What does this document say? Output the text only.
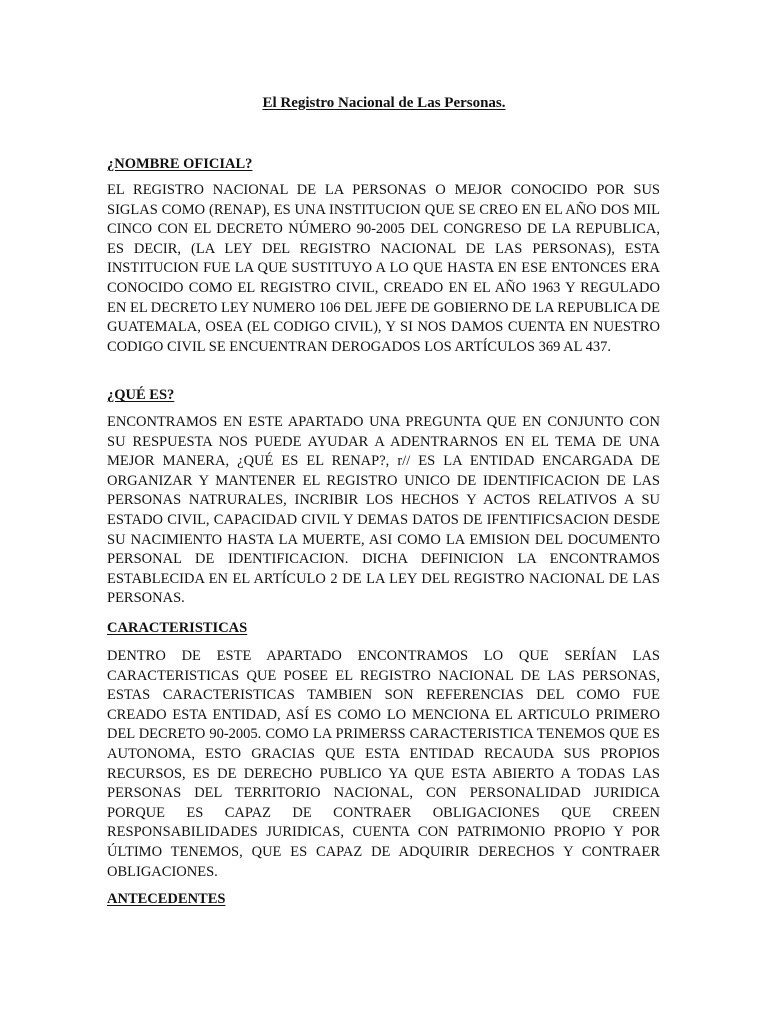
El Registro Nacional de Las Personas.
¿NOMBRE OFICIAL?
EL REGISTRO NACIONAL DE LA PERSONAS O MEJOR CONOCIDO POR SUS SIGLAS COMO (RENAP), ES UNA INSTITUCION QUE SE CREO EN EL AÑO DOS MIL CINCO CON EL DECRETO NÚMERO 90-2005 DEL CONGRESO DE LA REPUBLICA, ES DECIR, (LA LEY DEL REGISTRO NACIONAL DE LAS PERSONAS), ESTA INSTITUCION FUE LA QUE SUSTITUYO A LO QUE HASTA EN ESE ENTONCES ERA CONOCIDO COMO EL REGISTRO CIVIL, CREADO EN EL AÑO 1963 Y REGULADO EN EL DECRETO LEY NUMERO 106 DEL JEFE DE GOBIERNO DE LA REPUBLICA DE GUATEMALA, OSEA (EL CODIGO CIVIL), Y SI NOS DAMOS CUENTA EN NUESTRO CODIGO CIVIL SE ENCUENTRAN DEROGADOS LOS ARTÍCULOS 369 AL 437.
¿QUÉ ES?
ENCONTRAMOS EN ESTE APARTADO UNA PREGUNTA QUE EN CONJUNTO CON SU RESPUESTA NOS PUEDE AYUDAR A ADENTRARNOS EN EL TEMA DE UNA MEJOR MANERA, ¿QUÉ ES EL RENAP?, r// ES LA ENTIDAD ENCARGADA DE ORGANIZAR Y MANTENER EL REGISTRO UNICO DE IDENTIFICACION DE LAS PERSONAS NATRURALES, INCRIBIR LOS HECHOS Y ACTOS RELATIVOS A SU ESTADO CIVIL, CAPACIDAD CIVIL Y DEMAS DATOS DE IFENTIFICSACION DESDE SU NACIMIENTO HASTA LA MUERTE, ASI COMO LA EMISION DEL DOCUMENTO PERSONAL DE IDENTIFICACION. DICHA DEFINICION LA ENCONTRAMOS ESTABLECIDA EN EL ARTÍCULO 2 DE LA LEY DEL REGISTRO NACIONAL DE LAS PERSONAS.
CARACTERISTICAS
DENTRO DE ESTE APARTADO ENCONTRAMOS LO QUE SERÍAN LAS CARACTERISTICAS QUE POSEE EL REGISTRO NACIONAL DE LAS PERSONAS, ESTAS CARACTERISTICAS TAMBIEN SON REFERENCIAS DEL COMO FUE CREADO ESTA ENTIDAD, ASÍ ES COMO LO MENCIONA EL ARTICULO PRIMERO DEL DECRETO 90-2005. COMO LA PRIMERSS CARACTERISTICA TENEMOS QUE ES AUTONOMA, ESTO GRACIAS QUE ESTA ENTIDAD RECAUDA SUS PROPIOS RECURSOS, ES DE DERECHO PUBLICO YA QUE ESTA ABIERTO A TODAS LAS PERSONAS DEL TERRITORIO NACIONAL, CON PERSONALIDAD JURIDICA PORQUE ES CAPAZ DE CONTRAER OBLIGACIONES QUE CREEN RESPONSABILIDADES JURIDICAS, CUENTA CON PATRIMONIO PROPIO Y POR ÚLTIMO TENEMOS, QUE ES CAPAZ DE ADQUIRIR DERECHOS Y CONTRAER OBLIGACIONES.
ANTECEDENTES
